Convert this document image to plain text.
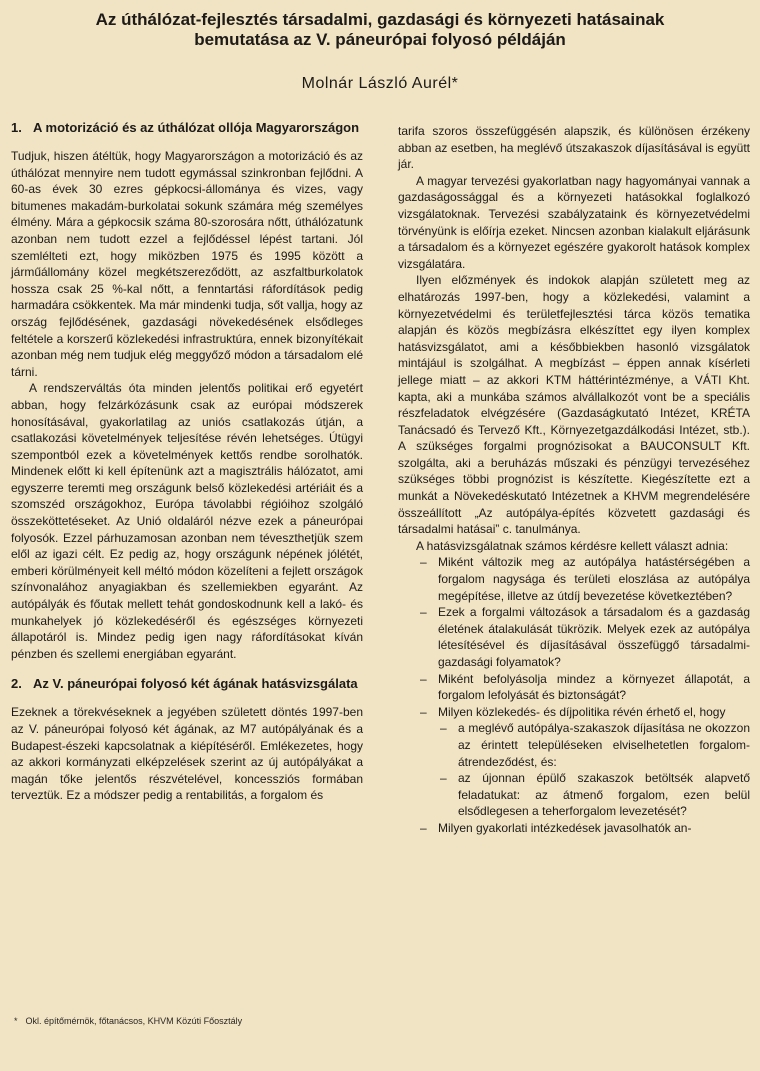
Az úthálózat-fejlesztés társadalmi, gazdasági és környezeti hatásainak
bemutatása az V. páneurópai folyosó példáján
Molnár László Aurél*
1. A motorizáció és az úthálózat ollója Magyarországon

Tudjuk, hiszen átéltük, hogy Magyarországon a motorizáció és az úthálózat mennyire nem tudott egymással szinkronban fejlődni. A 60-as évek 30 ezres gépkocsi-állománya és vizes, vagy bitumenes makadám-burkolatai sokunk számára még személyes élmény. Mára a gépkocsik száma 80-szorosára nőtt, úthálózatunk azonban nem tudott ezzel a fejlődéssel lépést tartani. Jól szemlélteti ezt, hogy miközben 1975 és 1995 között a járműállomány közel megkétszereződött, az aszfaltburkolatok hossza csak 25 %-kal nőtt, a fenntartási ráfordítások pedig harmadára csökkentek. Ma már mindenki tudja, sőt vallja, hogy az ország fejlődésének, gazdasági növekedésének elsődleges feltétele a korszerű közlekedési infrastruktúra, ennek bizonyítékait azonban még nem tudjuk elég meggyőző módon a társadalom elé tárni.

A rendszerváltás óta minden jelentős politikai erő egyetért abban, hogy felzárkózásunk csak az európai módszerek honosításával, gyakorlatilag az uniós csatlakozás útján, a csatlakozási követelmények teljesítése révén lehetséges. Útügyi szempontból ezek a követelmények kettős rendbe sorolhatók. Mindenek előtt ki kell építenünk azt a magisztrális hálózatot, ami egyszerre teremti meg országunk belső közlekedési artériáit és a szomszéd országokhoz, Európa távolabbi régióihoz szolgáló összeköttetéseket. Az Unió oldaláról nézve ezek a páneurópai folyosók. Ezzel párhuzamosan azonban nem téveszthetjük szem elől az igazi célt. Ez pedig az, hogy országunk népének jólétét, emberi körülményeit kell méltó módon közelíteni a fejlett országok színvonalához anyagiakban és szellemiekben egyaránt. Az autópályák és főutak mellett tehát gondoskodnunk kell a lakó- és munkahelyek jó közlekedéséről és egészséges környezeti állapotáról is. Mindez pedig igen nagy ráfordításokat kíván pénzben és szellemi energiában egyaránt.

2. Az V. páneurópai folyosó két ágának hatásvizsgálata

Ezeknek a törekvéseknek a jegyében született döntés 1997-ben az V. páneurópai folyosó két ágának, az M7 autópályának és a Budapest-észeki kapcsolatnak a kiépítéséről. Emlékezetes, hogy az akkori kormányzati elképzelések szerint az új autópályákat a magán tőke jelentős részvételével, koncessziós formában terveztük. Ez a módszer pedig a rentabilitás, a forgalom és

tarifa szoros összefüggésén alapszik, és különösen érzékeny abban az esetben, ha meglévő útszakaszok díjasításával is együtt jár.

A magyar tervezési gyakorlatban nagy hagyományai vannak a gazdaságossággal és a környezeti hatásokkal foglalkozó vizsgálatoknak. Tervezési szabályzataink és környezetvédelmi törvényünk is előírja ezeket. Nincsen azonban kialakult eljárásunk a társadalom és a környezet egészére gyakorolt hatások komplex vizsgálatára.

Ilyen előzmények és indokok alapján született meg az elhatározás 1997-ben, hogy a közlekedési, valamint a környezetvédelmi és területfejlesztési tárca közös tematika alapján és közös megbízásra elkészíttet egy ilyen komplex hatásvizsgálatot, ami a későbbiekben hasonló vizsgálatok mintájául is szolgálhat. A megbízást – éppen annak kísérleti jellege miatt – az akkori KTM háttérintézménye, a VÁTI Kht. kapta, aki a munkába számos alvállalkozót vont be a speciális részfeladatok elvégzésére (Gazdaságkutató Intézet, KRÉTA Tanácsadó és Tervező Kft., Környezetgazdálkodási Intézet, stb.). A szükséges forgalmi prognózisokat a BAUCONSULT Kft. szolgálta, aki a beruházás műszaki és pénzügyi tervezéséhez szükséges többi prognózist is készítette. Kiegészítette ezt a munkát a Növekedéskutató Intézetnek a KHVM megrendelésére összeállított „Az autópálya-építés közvetett gazdasági és társadalmi hatásai” c. tanulmánya.

A hatásvizsgálatnak számos kérdésre kellett választ adnia:

– Miként változik meg az autópálya hatástérségében a forgalom nagysága és területi eloszlása az autópálya megépítése, illetve az útdíj bevezetése következtében?
– Ezek a forgalmi változások a társadalom és a gazdaság életének átalakulását tükrözik. Melyek ezek az autópálya létesítésével és díjasításával összefüggő társadalmi-gazdasági folyamatok?
– Miként befolyásolja mindez a környezet állapotát, a forgalom lefolyását és biztonságát?
– Milyen közlekedés- és díjpolitika révén érhető el, hogy
– a meglévő autópálya-szakaszok díjasítása ne okozzon az érintett településeken elviselhetetlen forgalom-átrendeződést, és:
– az újonnan épülő szakaszok betöltsék alapvető feladatukat: az átmenő forgalom, ezen belül elsődlegesen a teherforgalom levezetését?
– Milyen gyakorlati intézkedések javasolhatók an-
* Okl. építőmérnök, főtanácsos, KHVM Közúti Főosztály
